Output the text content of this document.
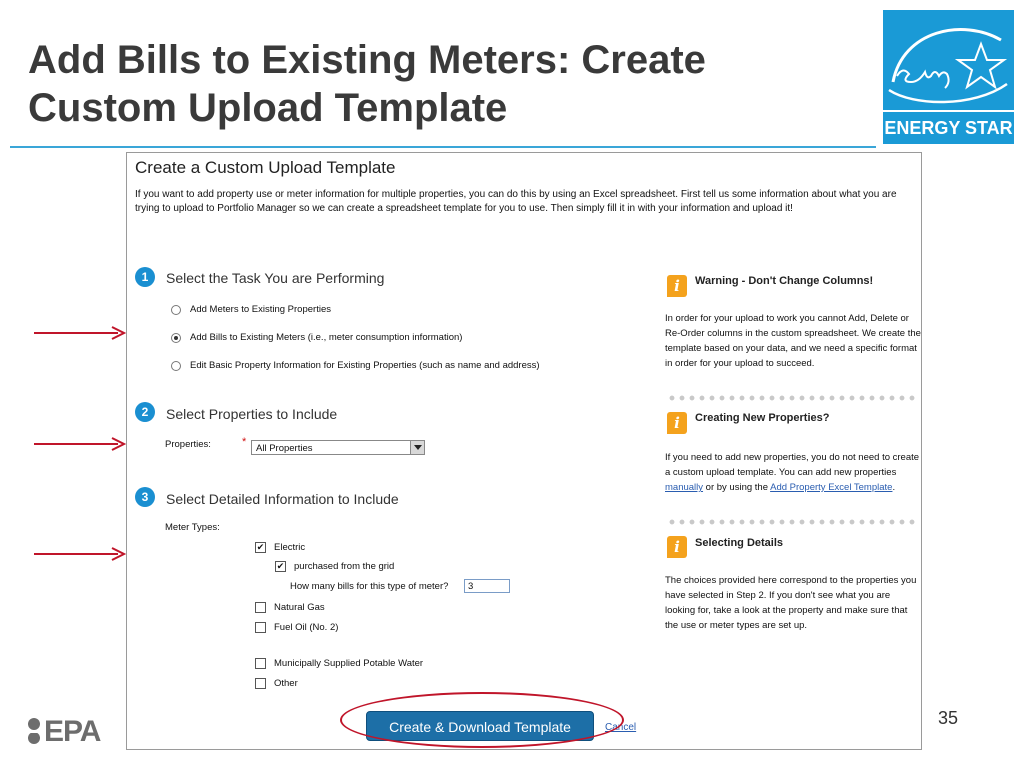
Add Bills to Existing Meters: Create
Custom Upload Template	ENERGY STAR
Create a Custom Upload Template
If you want to add property use or meter information for multiple properties, you can do this by using an Excel spreadsheet. First tell us some information about what you are trying to upload to Portfolio Manager so we can create a spreadsheet template for you to use. Then simply fill it in with your information and upload it!
1	Select the Task You are Performing
Add Meters to Existing Properties
Add Bills to Existing Meters (i.e., meter consumption information)
Edit Basic Property Information for Existing Properties (such as name and address)
2	Select Properties to Include
Properties:	*
All Properties
3	Select Detailed Information to Include
Meter Types:
✔ Electric
✔ purchased from the grid
How many bills for this type of meter?	3
Natural Gas
Fuel Oil (No. 2)
Municipally Supplied Potable Water
Other
Create & Download Template	Cancel
i	Warning - Don't Change Columns!
In order for your upload to work you cannot Add, Delete or Re-Order columns in the custom spreadsheet. We create the template based on your data, and we need a specific format in order for your upload to succeed.
i	Creating New Properties?
If you need to add new properties, you do not need to create a custom upload template. You can add new properties manually or by using the Add Property Excel Template.
i	Selecting Details
The choices provided here correspond to the properties you have selected in Step 2. If you don't see what you are looking for, take a look at the property and make sure that the use or meter types are set up.
EPA	35
